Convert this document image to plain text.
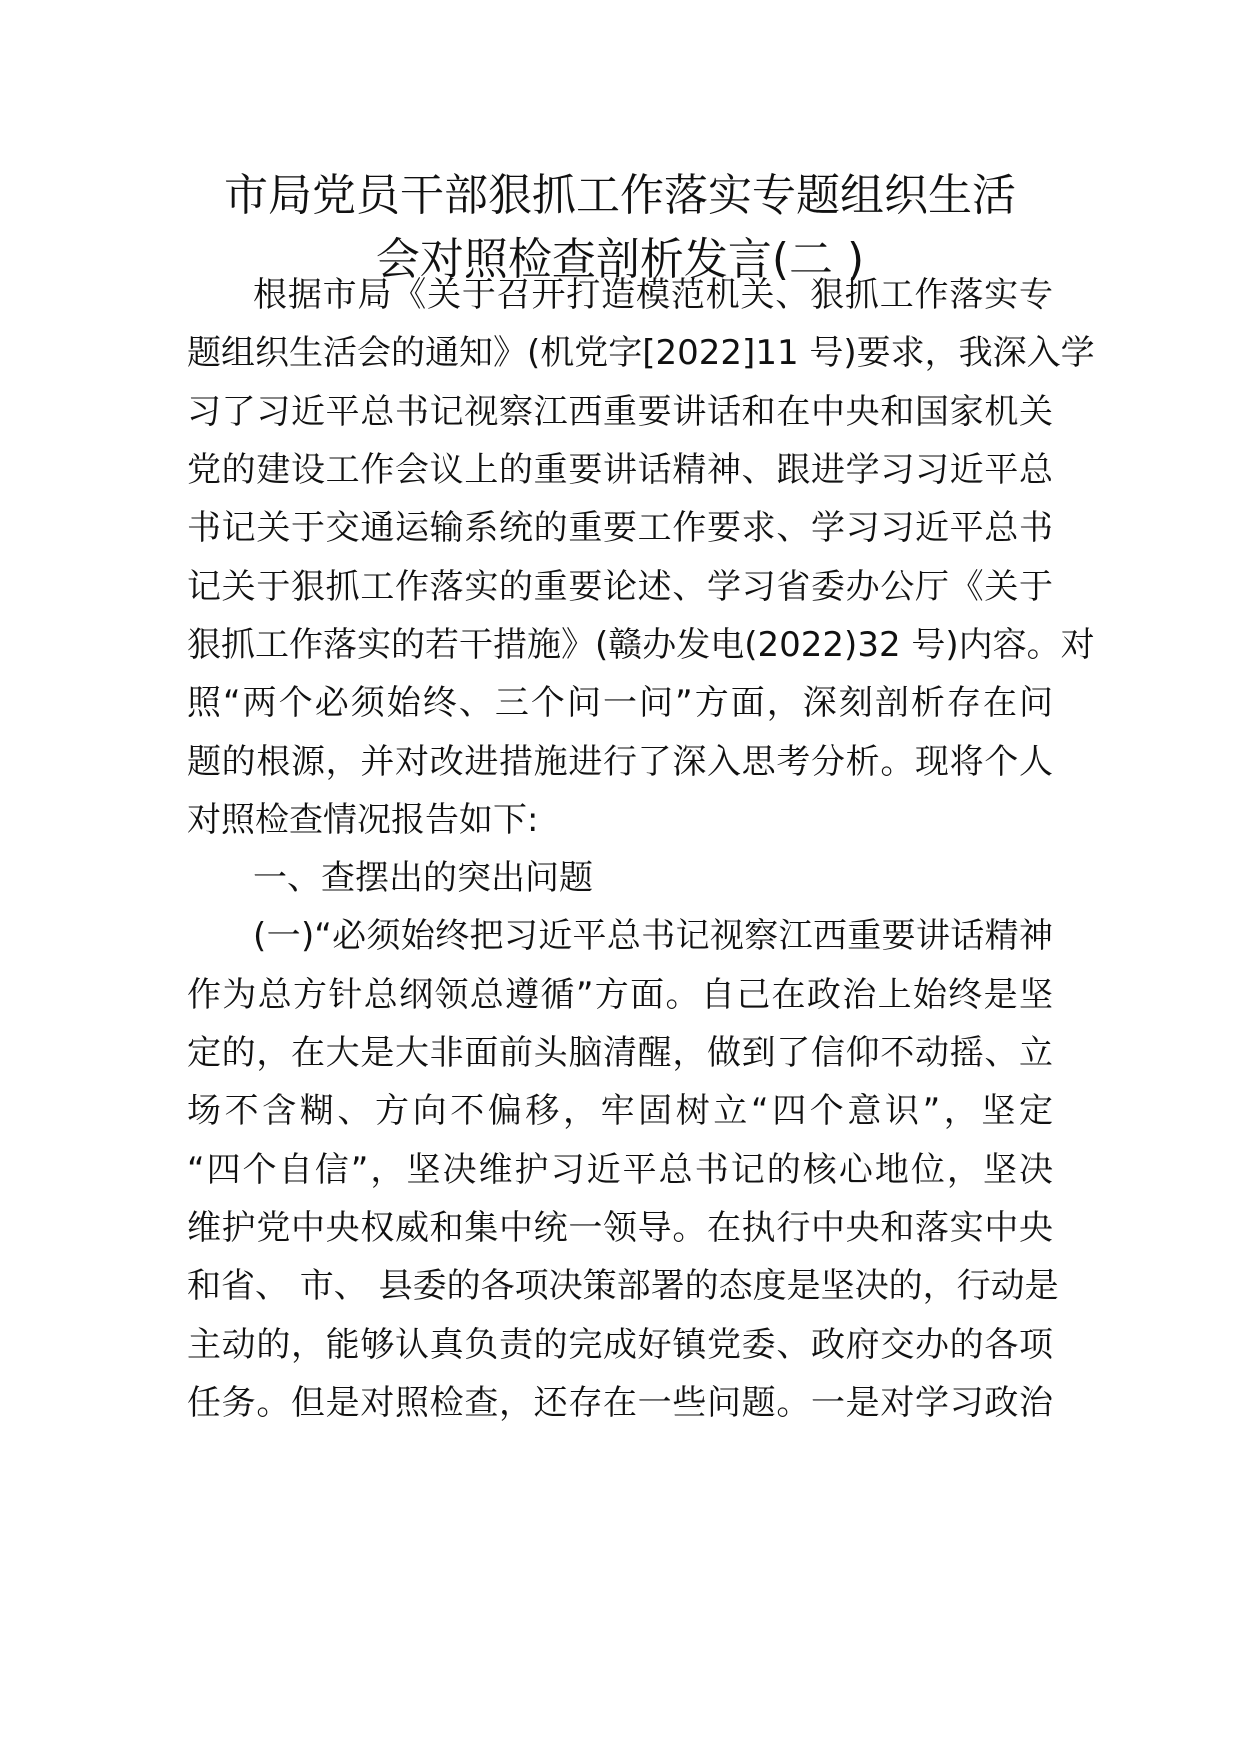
市局党员干部狠抓工作落实专题组织生活
会对照检查剖析发言(二 )
根据市局《关于召开打造模范机关、狠抓工作落实专
题组织生活会的通知》(机党字[2022]11 号)要求，我深入学
习了习近平总书记视察江西重要讲话和在中央和国家机关
党的建设工作会议上的重要讲话精神、跟进学习习近平总
书记关于交通运输系统的重要工作要求、学习习近平总书
记关于狠抓工作落实的重要论述、学习省委办公厅《关于
狠抓工作落实的若干措施》(赣办发电(2022)32 号)内容。对
照“两个必须始终、三个问一问”方面，深刻剖析存在问
题的根源，并对改进措施进行了深入思考分析。现将个人
对照检查情况报告如下:
一、查摆出的突出问题
(一)“必须始终把习近平总书记视察江西重要讲话精神
作为总方针总纲领总遵循”方面。自己在政治上始终是坚
定的，在大是大非面前头脑清醒，做到了信仰不动摇、立
场不含糊、方向不偏移，牢固树立“四个意识”，坚定
“四个自信”，坚决维护习近平总书记的核心地位，坚决
维护党中央权威和集中统一领导。在执行中央和落实中央
和省、 市、 县委的各项决策部署的态度是坚决的，行动是
主动的，能够认真负责的完成好镇党委、政府交办的各项
任务。但是对照检查，还存在一些问题。一是对学习政治
